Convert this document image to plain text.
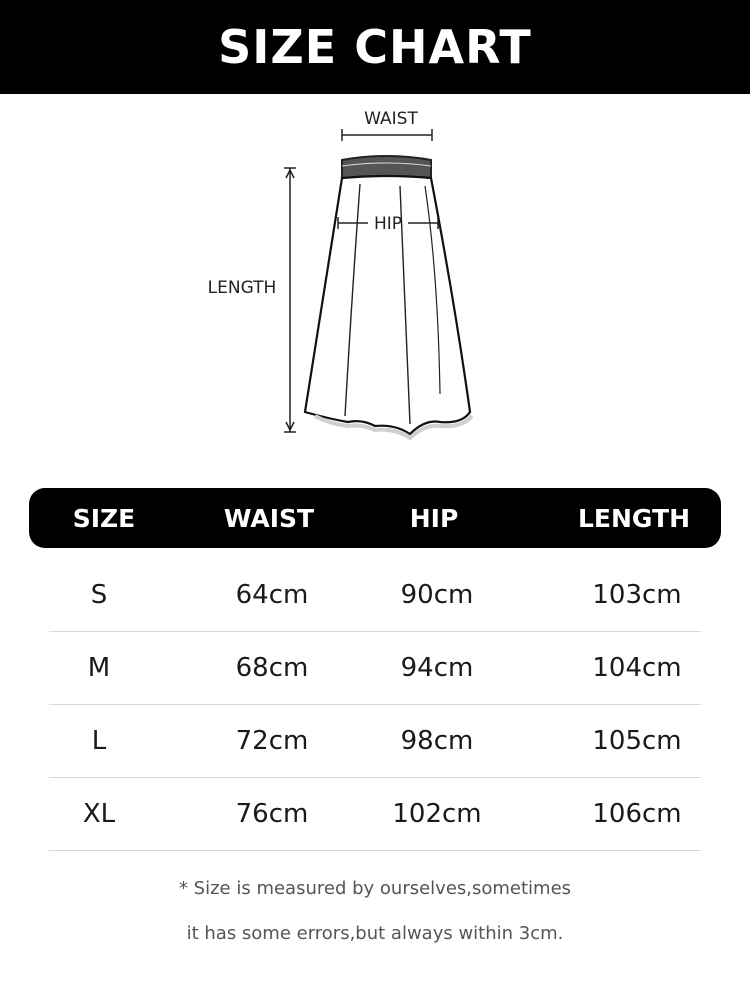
SIZE CHART
WAIST
HIP
LENGTH
SIZE	WAIST	HIP	LENGTH
S	64cm	90cm	103cm
M	68cm	94cm	104cm
L	72cm	98cm	105cm
XL	76cm	102cm	106cm
* Size is measured by ourselves,sometimes
it has some errors,but always within 3cm.
